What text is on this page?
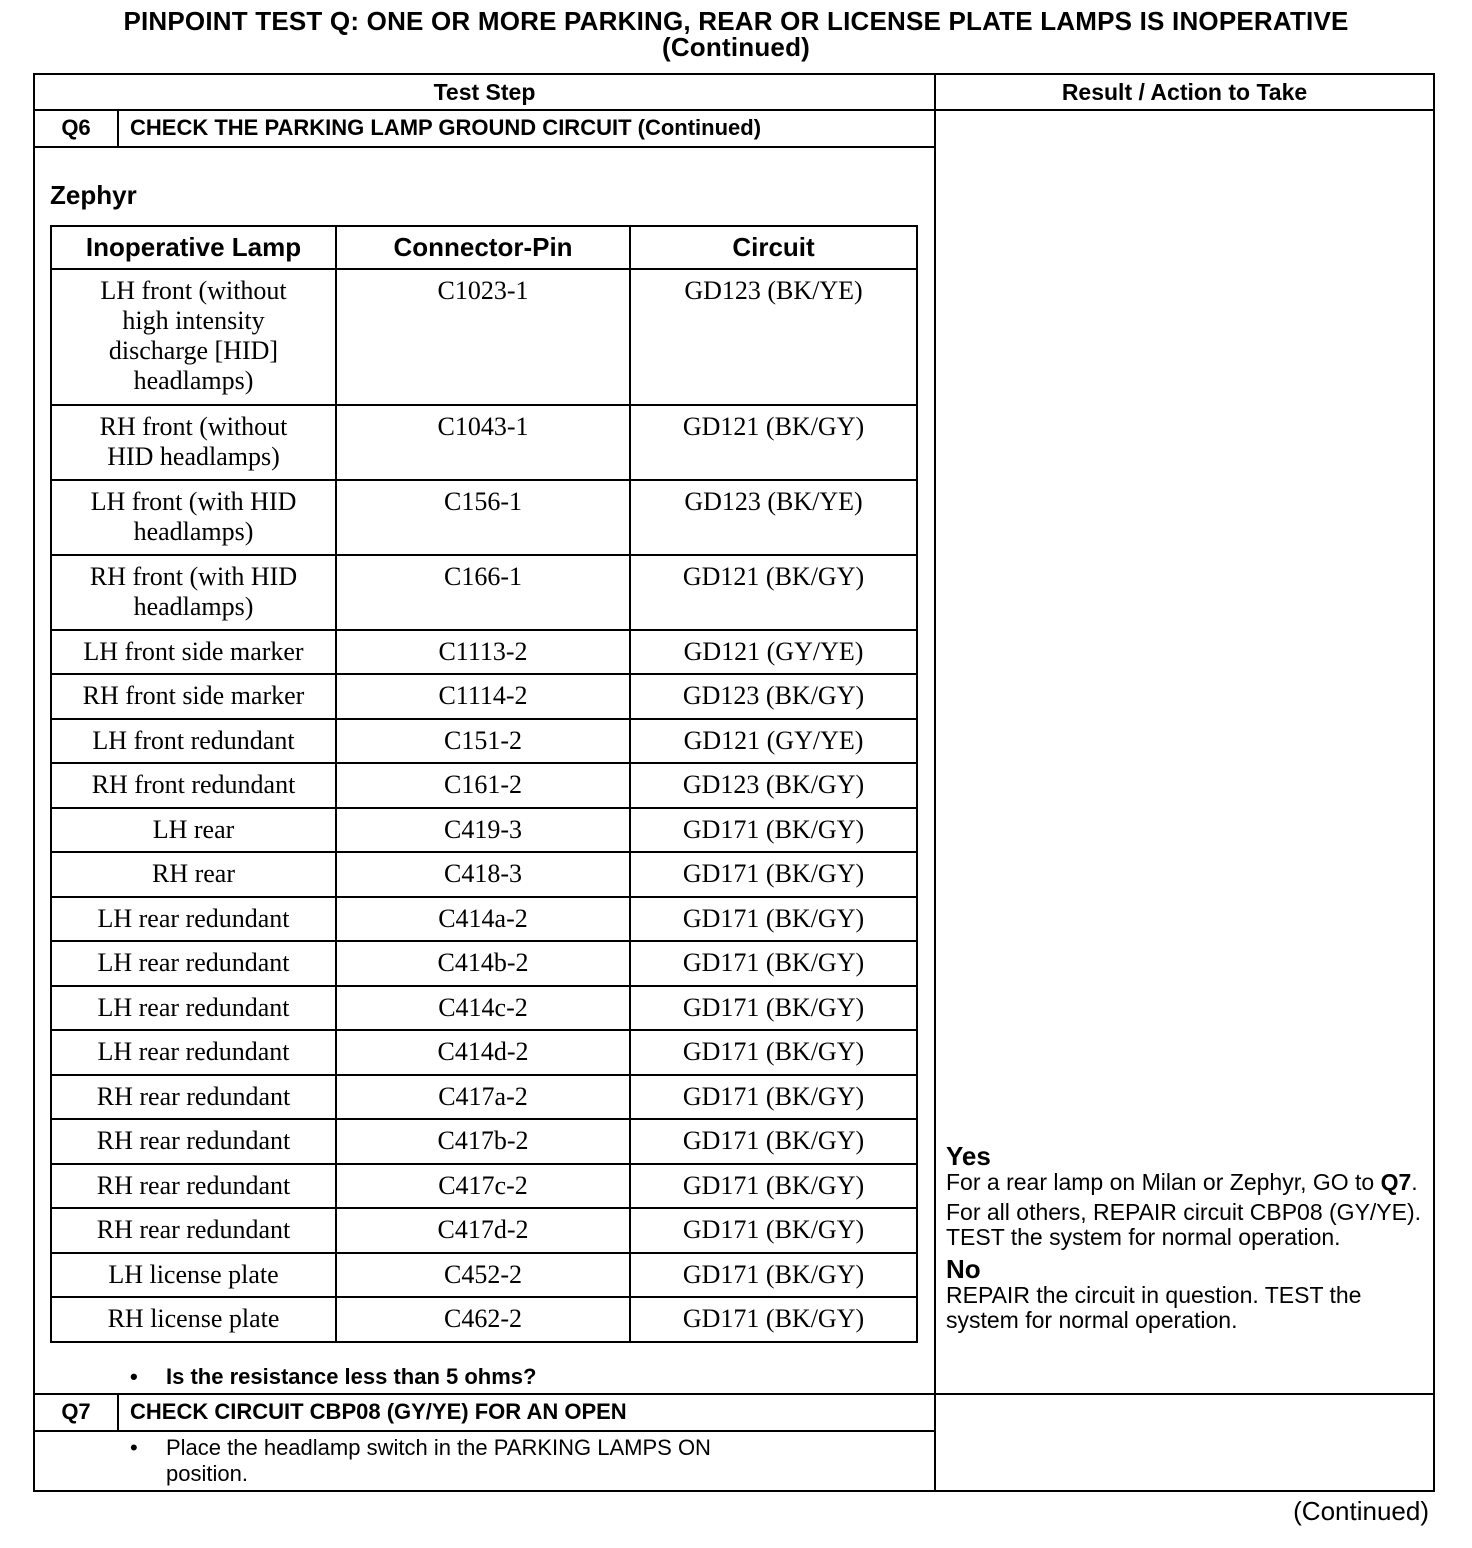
PINPOINT TEST Q: ONE OR MORE PARKING, REAR OR LICENSE PLATE LAMPS IS INOPERATIVE
(Continued)
Test Step	Result / Action to Take
Q6	CHECK THE PARKING LAMP GROUND CIRCUIT (Continued)
Zephyr
Inoperative Lamp	Connector-Pin	Circuit
LH front (without high intensity discharge [HID] headlamps)	C1023-1	GD123 (BK/YE)
RH front (without HID headlamps)	C1043-1	GD121 (BK/GY)
LH front (with HID headlamps)	C156-1	GD123 (BK/YE)
RH front (with HID headlamps)	C166-1	GD121 (BK/GY)
LH front side marker	C1113-2	GD121 (GY/YE)
RH front side marker	C1114-2	GD123 (BK/GY)
LH front redundant	C151-2	GD121 (GY/YE)
RH front redundant	C161-2	GD123 (BK/GY)
LH rear	C419-3	GD171 (BK/GY)
RH rear	C418-3	GD171 (BK/GY)
LH rear redundant	C414a-2	GD171 (BK/GY)
LH rear redundant	C414b-2	GD171 (BK/GY)
LH rear redundant	C414c-2	GD171 (BK/GY)
LH rear redundant	C414d-2	GD171 (BK/GY)
RH rear redundant	C417a-2	GD171 (BK/GY)
RH rear redundant	C417b-2	GD171 (BK/GY)
RH rear redundant	C417c-2	GD171 (BK/GY)
RH rear redundant	C417d-2	GD171 (BK/GY)
LH license plate	C452-2	GD171 (BK/GY)
RH license plate	C462-2	GD171 (BK/GY)
• Is the resistance less than 5 ohms?
Yes
For a rear lamp on Milan or Zephyr, GO to Q7.
For all others, REPAIR circuit CBP08 (GY/YE). TEST the system for normal operation.
No
REPAIR the circuit in question. TEST the system for normal operation.
Q7	CHECK CIRCUIT CBP08 (GY/YE) FOR AN OPEN
• Place the headlamp switch in the PARKING LAMPS ON
position.
(Continued)
